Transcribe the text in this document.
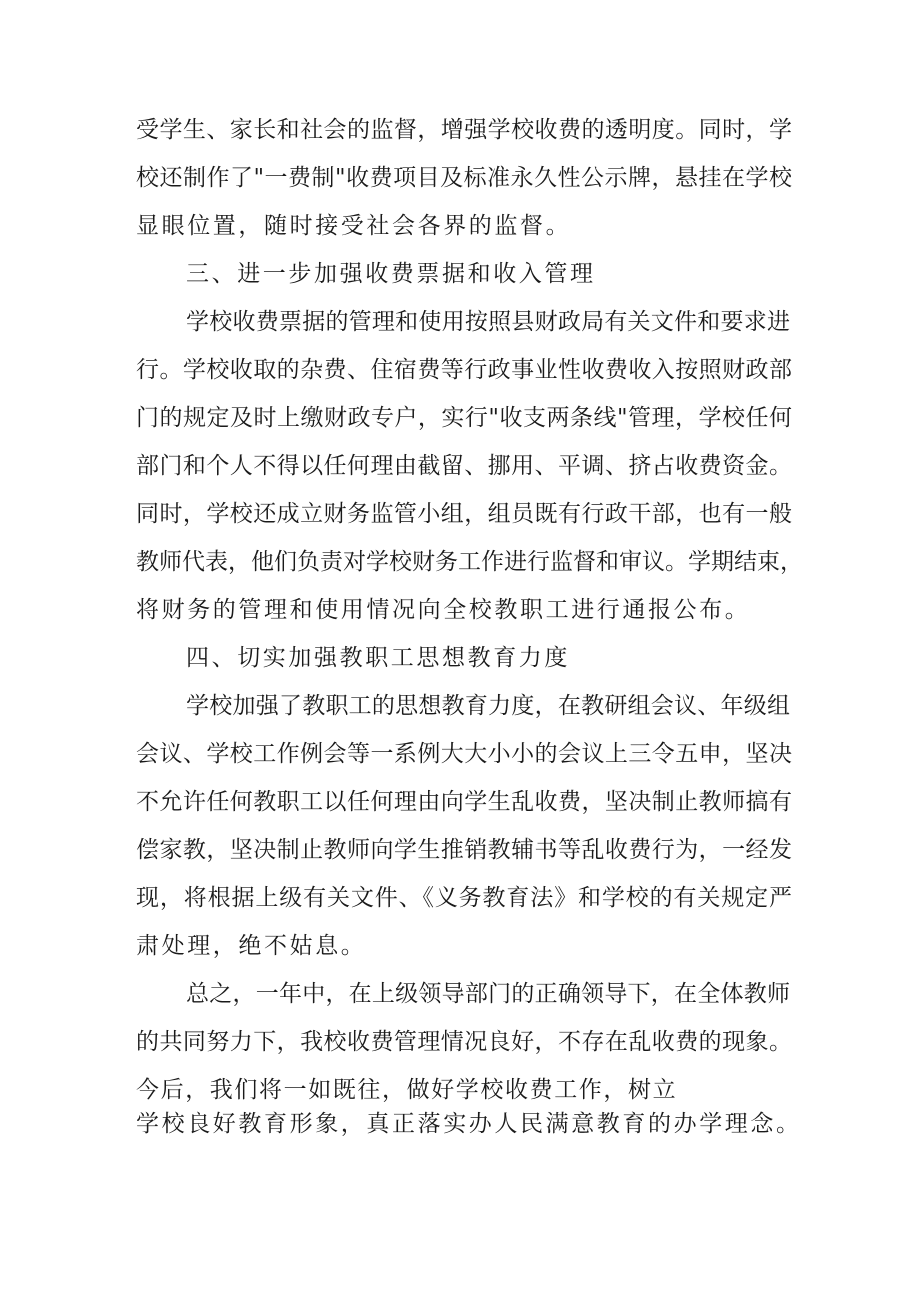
受学生、家长和社会的监督，增强学校收费的透明度。同时，学
校还制作了"一费制"收费项目及标准永久性公示牌，悬挂在学校
显眼位置，随时接受社会各界的监督。
三、进一步加强收费票据和收入管理
学校收费票据的管理和使用按照县财政局有关文件和要求进
行。学校收取的杂费、住宿费等行政事业性收费收入按照财政部
门的规定及时上缴财政专户，实行"收支两条线"管理，学校任何
部门和个人不得以任何理由截留、挪用、平调、挤占收费资金。
同时，学校还成立财务监管小组，组员既有行政干部，也有一般
教师代表，他们负责对学校财务工作进行监督和审议。学期结束，
将财务的管理和使用情况向全校教职工进行通报公布。
四、切实加强教职工思想教育力度
学校加强了教职工的思想教育力度，在教研组会议、年级组
会议、学校工作例会等一系例大大小小的会议上三令五申，坚决
不允许任何教职工以任何理由向学生乱收费，坚决制止教师搞有
偿家教，坚决制止教师向学生推销教辅书等乱收费行为，一经发
现，将根据上级有关文件、《义务教育法》和学校的有关规定严
肃处理，绝不姑息。
总之，一年中，在上级领导部门的正确领导下，在全体教师
的共同努力下，我校收费管理情况良好，不存在乱收费的现象。
今后，我们将一如既往，做好学校收费工作，树立
学校良好教育形象，真正落实办人民满意教育的办学理念。
